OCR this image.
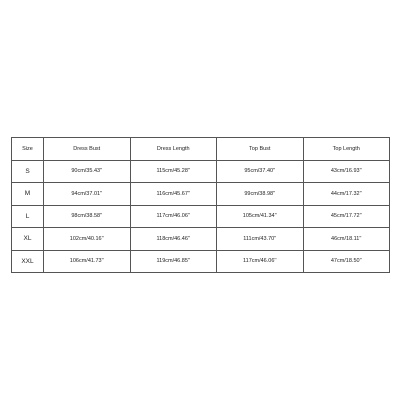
Size	Dress Bust	Dress Length	Top Bust	Top Length
S	90cm/35.43''	115cm/45.28''	95cm/37.40''	43cm/16.93''
M	94cm/37.01''	116cm/45.67''	99cm/38.98''	44cm/17.32''
L	98cm/38.58''	117cm/46.06''	105cm/41.34''	45cm/17.72''
XL	102cm/40.16''	118cm/46.46''	111cm/43.70''	46cm/18.11''
XXL	106cm/41.73''	119cm/46.85''	117cm/46.06''	47cm/18.50''
